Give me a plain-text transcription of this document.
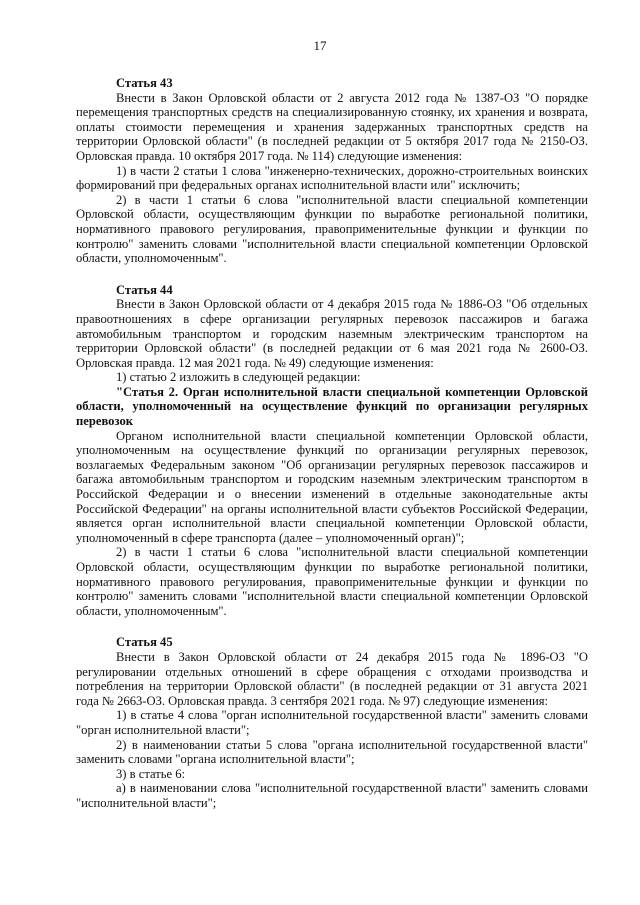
17

Статья 43

Внести в Закон Орловской области от 2 августа 2012 года № 1387-ОЗ "О порядке перемещения транспортных средств на специализированную стоянку, их хранения и возврата, оплаты стоимости перемещения и хранения задержанных транспортных средств на территории Орловской области" (в последней редакции от 5 октября 2017 года № 2150-ОЗ. Орловская правда. 10 октября 2017 года. № 114) следующие изменения:

1) в части 2 статьи 1 слова "инженерно-технических, дорожно-строительных воинских формирований при федеральных органах исполнительной власти или" исключить;

2) в части 1 статьи 6 слова "исполнительной власти специальной компетенции Орловской области, осуществляющим функции по выработке региональной политики, нормативного правового регулирования, правоприменительные функции и функции по контролю" заменить словами "исполнительной власти специальной компетенции Орловской области, уполномоченным".

Статья 44

Внести в Закон Орловской области от 4 декабря 2015 года № 1886-ОЗ "Об отдельных правоотношениях в сфере организации регулярных перевозок пассажиров и багажа автомобильным транспортом и городским наземным электрическим транспортом на территории Орловской области" (в последней редакции от 6 мая 2021 года № 2600-ОЗ. Орловская правда. 12 мая 2021 года. № 49) следующие изменения:

1) статью 2 изложить в следующей редакции:

"Статья 2. Орган исполнительной власти специальной компетенции Орловской области, уполномоченный на осуществление функций по организации регулярных перевозок

Органом исполнительной власти специальной компетенции Орловской области, уполномоченным на осуществление функций по организации регулярных перевозок, возлагаемых Федеральным законом "Об организации регулярных перевозок пассажиров и багажа автомобильным транспортом и городским наземным электрическим транспортом в Российской Федерации и о внесении изменений в отдельные законодательные акты Российской Федерации" на органы исполнительной власти субъектов Российской Федерации, является орган исполнительной власти специальной компетенции Орловской области, уполномоченный в сфере транспорта (далее – уполномоченный орган)";

2) в части 1 статьи 6 слова "исполнительной власти специальной компетенции Орловской области, осуществляющим функции по выработке региональной политики, нормативного правового регулирования, правоприменительные функции и функции по контролю" заменить словами "исполнительной власти специальной компетенции Орловской области, уполномоченным".

Статья 45

Внести в Закон Орловской области от 24 декабря 2015 года № 1896-ОЗ "О регулировании отдельных отношений в сфере обращения с отходами производства и потребления на территории Орловской области" (в последней редакции от 31 августа 2021 года № 2663-ОЗ. Орловская правда. 3 сентября 2021 года. № 97) следующие изменения:

1) в статье 4 слова "орган исполнительной государственной власти" заменить словами "орган исполнительной власти";

2) в наименовании статьи 5 слова "органа исполнительной государственной власти" заменить словами "органа исполнительной власти";

3) в статье 6:

а) в наименовании слова "исполнительной государственной власти" заменить словами "исполнительной власти";
